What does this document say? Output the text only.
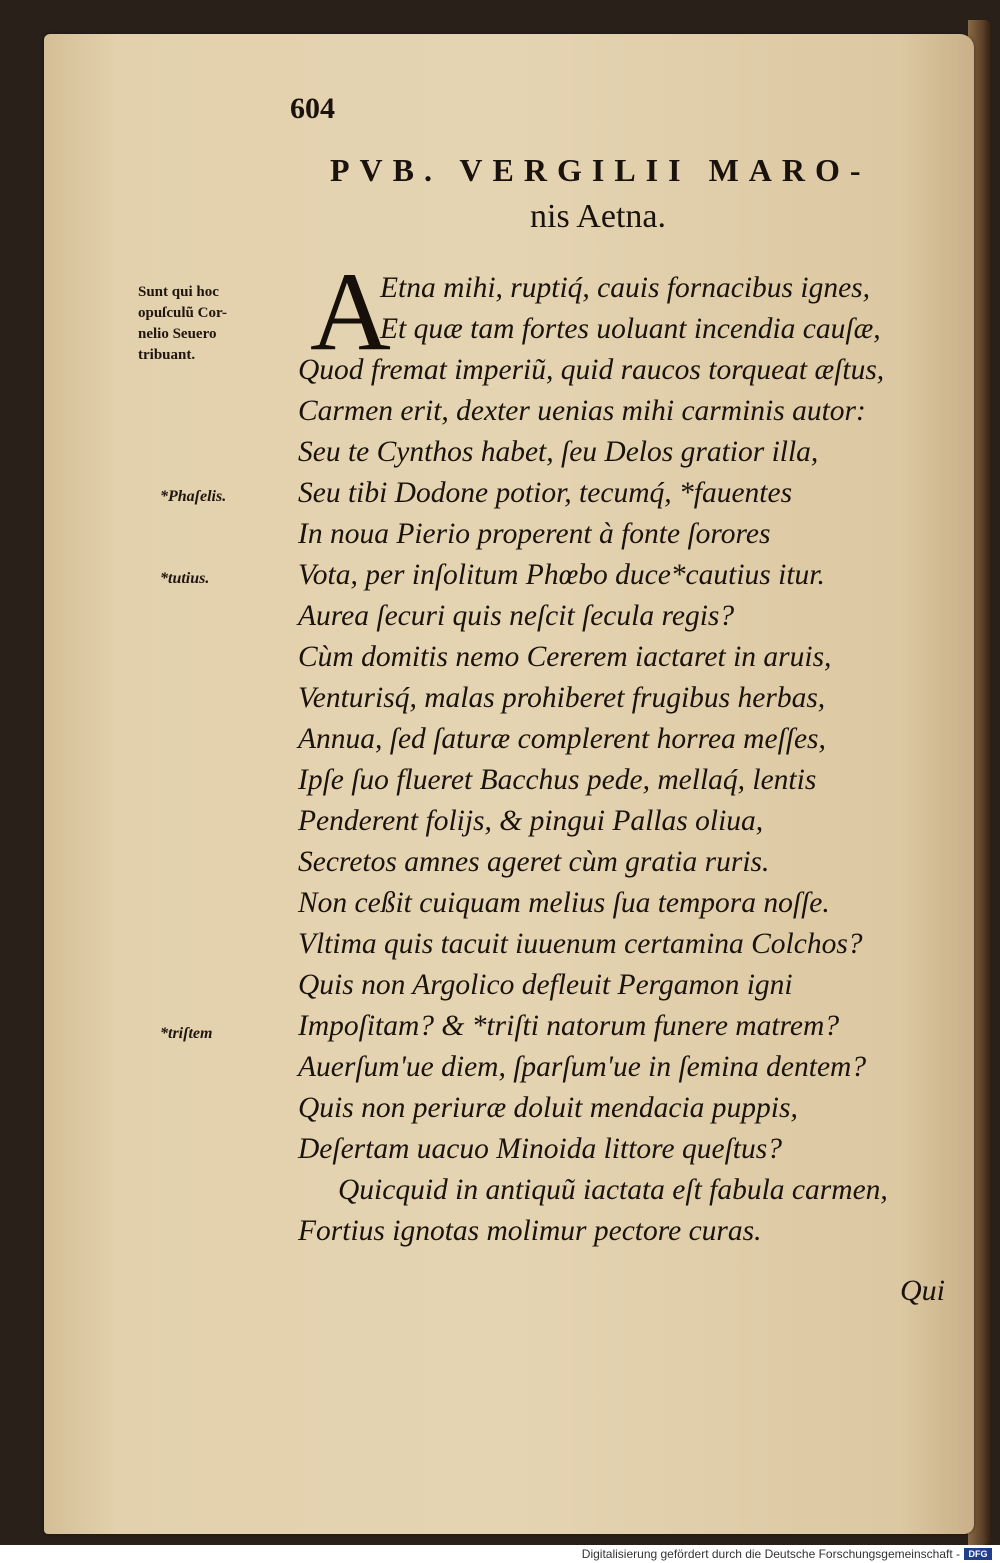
604
PVB. VERGILII MARO-
nis Aetna.
Sunt qui hoc
opuſculũ Cor-
nelio Seuero
tribuant.
*Phaſelis.
*tutius.
*triſtem
A
Etna mihi, ruptiq́, cauis fornacibus ignes,
Et quæ tam fortes uoluant incendia cauſæ,
Quod fremat imperiũ, quid raucos torqueat æſtus,
Carmen erit, dexter uenias mihi carminis autor:
Seu te Cynthos habet, ſeu Delos gratior illa,
Seu tibi Dodone potior, tecumq́, *fauentes
In noua Pierio properent à fonte ſorores
Vota, per inſolitum Phœbo duce*cautius itur.
Aurea ſecuri quis neſcit ſecula regis?
Cùm domitis nemo Cererem iactaret in aruis,
Venturisq́, malas prohiberet frugibus herbas,
Annua, ſed ſaturæ complerent horrea meſſes,
Ipſe ſuo flueret Bacchus pede, mellaq́, lentis
Penderent folijs, & pingui Pallas oliua,
Secretos amnes ageret cùm gratia ruris.
Non ceßit cuiquam melius ſua tempora noſſe.
Vltima quis tacuit iuuenum certamina Colchos?
Quis non Argolico defleuit Pergamon igni
Impoſitam? & *triſti natorum funere matrem?
Auerſum'ue diem, ſparſum'ue in ſemina dentem?
Quis non periuræ doluit mendacia puppis,
Deſertam uacuo Minoida littore queſtus?
Quicquid in antiquũ iactata eſt fabula carmen,
Fortius ignotas molimur pectore curas.
Qui
Digitalisierung gefördert durch die Deutsche Forschungsgemeinschaft - DFG
